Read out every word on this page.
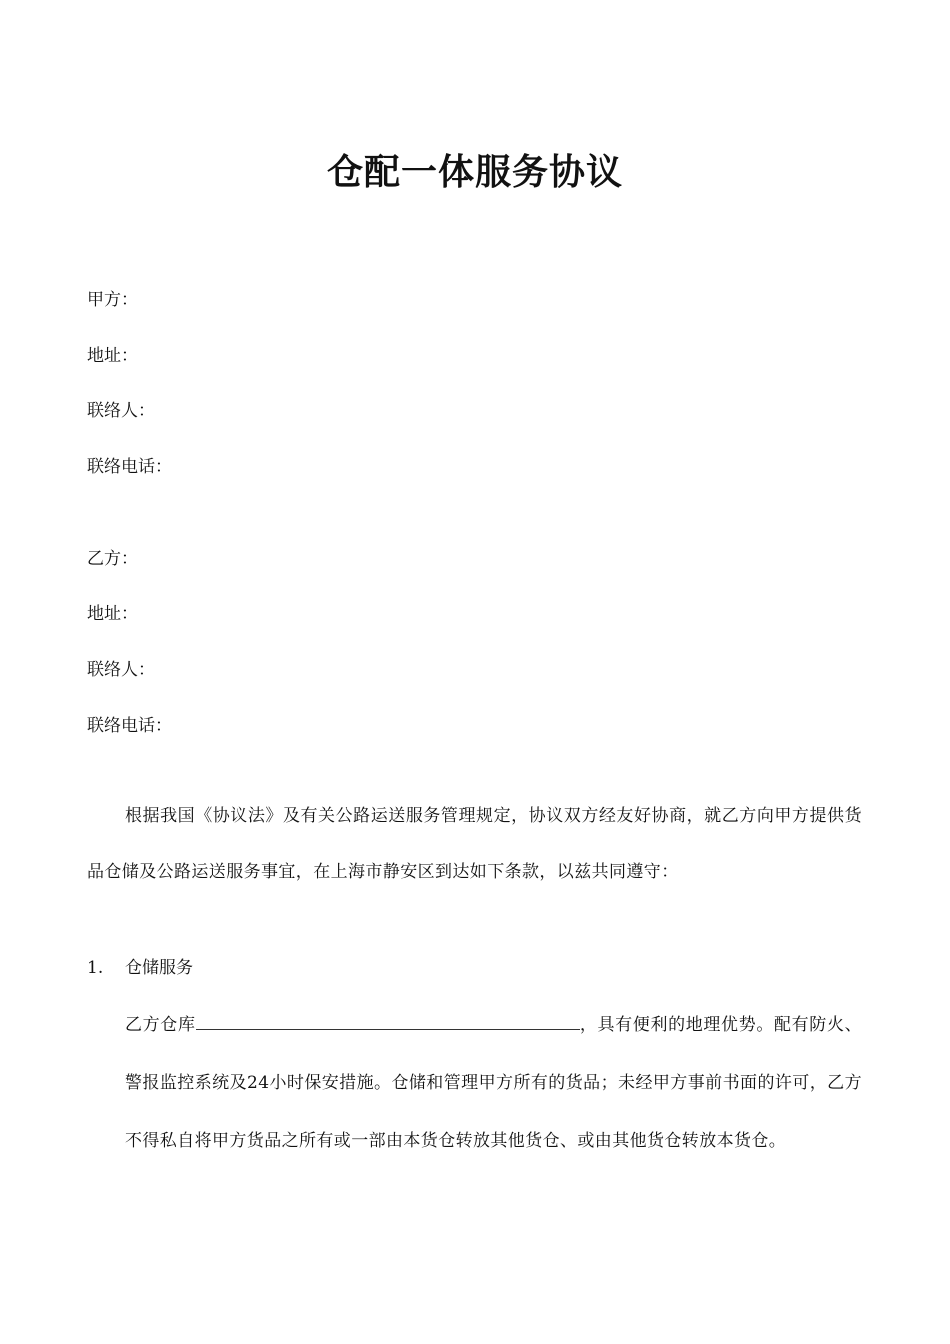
仓配一体服务协议
甲方：
地址：
联络人：
联络电话：
乙方：
地址：
联络人：
联络电话：
根据我国《协议法》及有关公路运送服务管理规定，协议双方经友好协商，就乙方向甲方提供货品仓储及公路运送服务事宜，在上海市静安区到达如下条款，以兹共同遵守：
1. 仓储服务
乙方仓库	，具有便利的地理优势。配有防火、警报监控系统及24小时保安措施。仓储和管理甲方所有的货品；未经甲方事前书面的许可，乙方不得私自将甲方货品之所有或一部由本货仓转放其他货仓、或由其他货仓转放本货仓。
